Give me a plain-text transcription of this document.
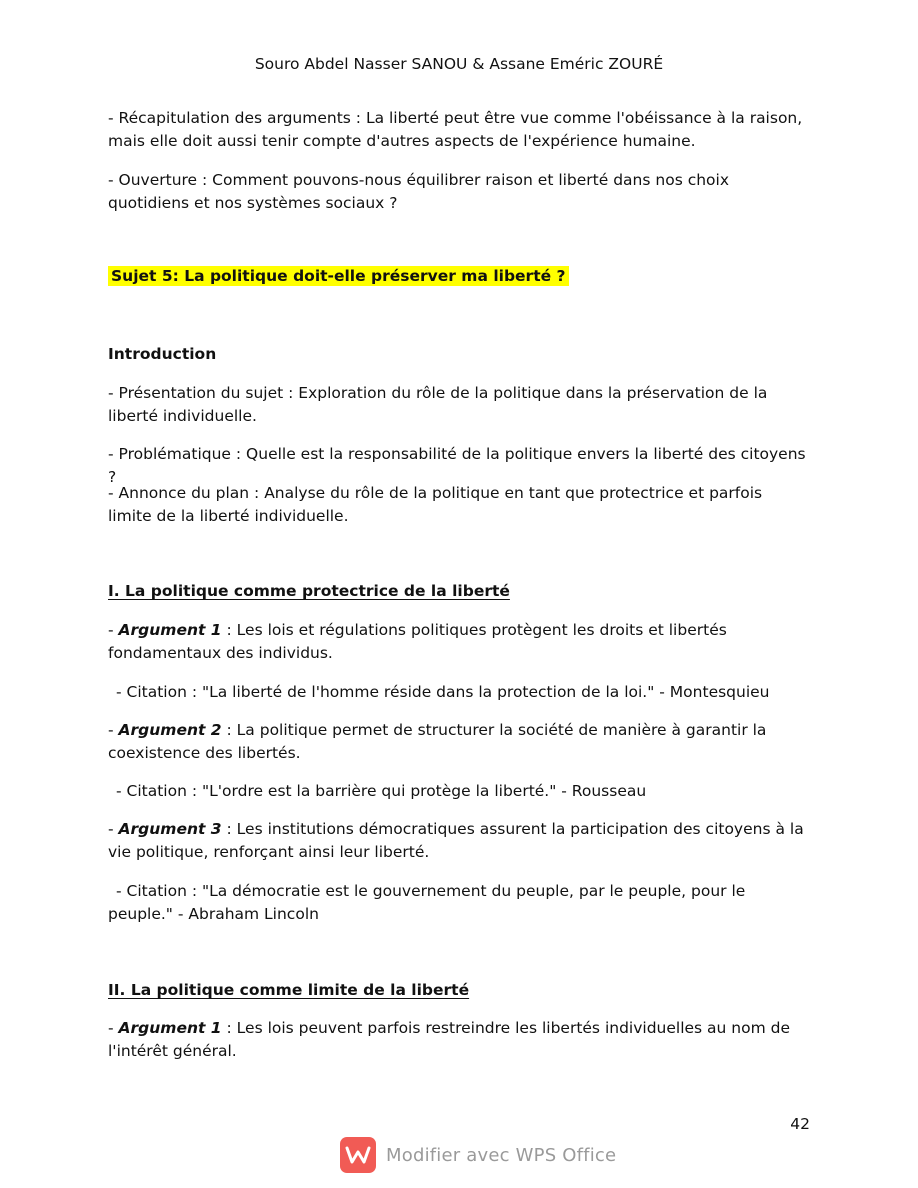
Souro Abdel Nasser SANOU & Assane Eméric ZOURÉ
- Récapitulation des arguments : La liberté peut être vue comme l'obéissance à la raison, mais elle doit aussi tenir compte d'autres aspects de l'expérience humaine.
- Ouverture : Comment pouvons-nous équilibrer raison et liberté dans nos choix quotidiens et nos systèmes sociaux ?
Sujet 5: La politique doit-elle préserver ma liberté ?
Introduction
- Présentation du sujet : Exploration du rôle de la politique dans la préservation de la liberté individuelle.
- Problématique : Quelle est la responsabilité de la politique envers la liberté des citoyens ?
- Annonce du plan : Analyse du rôle de la politique en tant que protectrice et parfois limite de la liberté individuelle.
I. La politique comme protectrice de la liberté
- Argument 1 : Les lois et régulations politiques protègent les droits et libertés fondamentaux des individus.
- Citation : "La liberté de l'homme réside dans la protection de la loi." - Montesquieu
- Argument 2 : La politique permet de structurer la société de manière à garantir la coexistence des libertés.
- Citation : "L'ordre est la barrière qui protège la liberté." - Rousseau
- Argument 3 : Les institutions démocratiques assurent la participation des citoyens à la vie politique, renforçant ainsi leur liberté.
- Citation : "La démocratie est le gouvernement du peuple, par le peuple, pour le peuple." - Abraham Lincoln
II. La politique comme limite de la liberté
- Argument 1 : Les lois peuvent parfois restreindre les libertés individuelles au nom de l'intérêt général.
42
Modifier avec WPS Office
